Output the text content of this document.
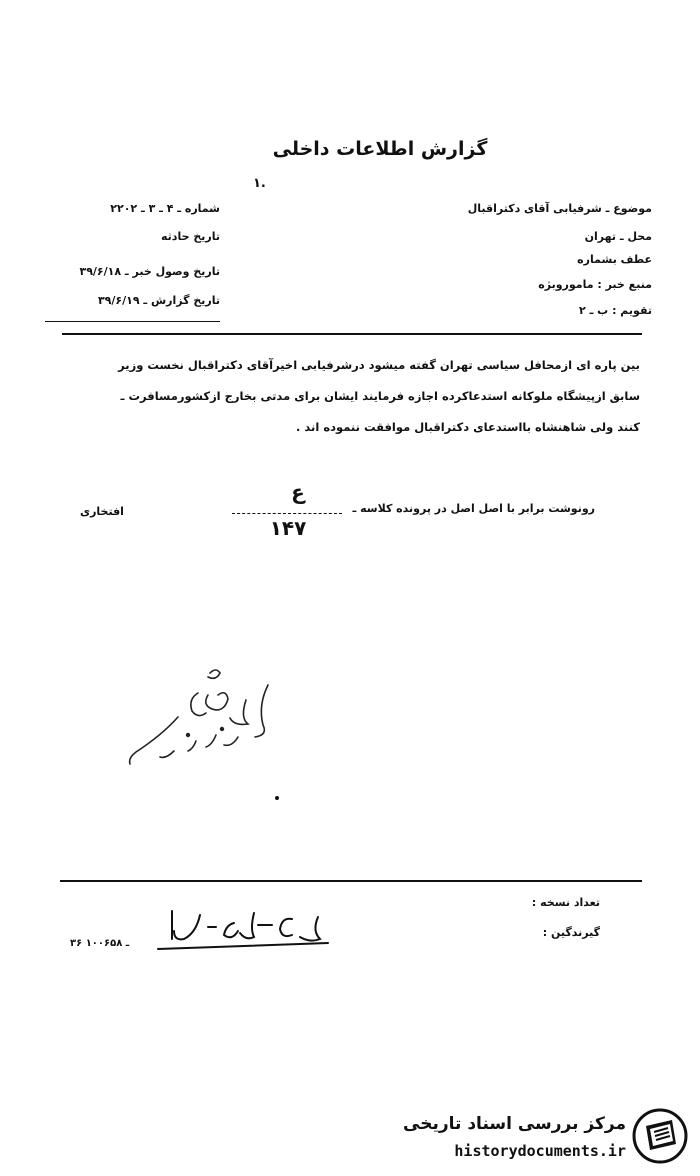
گزارش اطلاعات داخلی
۱.
موضوع ـ شرفیابی آقای دکتراقبال
محل ـ تهران
عطف بشماره
منبع خبر : ماموروبژه
تقویم : ب ـ ۲
شماره ـ ۴ ـ ۳ ـ ۲۲۰۲
تاریخ حادثه
تاریخ وصول خبر ـ ۳۹/۶/۱۸
تاریخ گزارش ـ ۳۹/۶/۱۹
بین پاره ای ازمحافل سیاسی تهران گفته میشود درشرفیابی اخیرآقای دکتراقبال نخست وزیر
سابق ازپیشگاه ملوکانه استدعاکرده اجازه فرمایند ایشان برای مدتی بخارج ازکشورمسافرت ـ
کنند ولی شاهنشاه بااستدعای دکتراقبال موافقت ننموده اند .
رونوشت برابر با اصل اصل در پرونده کلاسه ـ
ع
۱۴۷
افتخاری
تعداد نسخه :
گیرندگین :
۳۶ ـ ۱۰۰۶۵۸
مرکز بررسی اسناد تاریخی
historydocuments.ir
